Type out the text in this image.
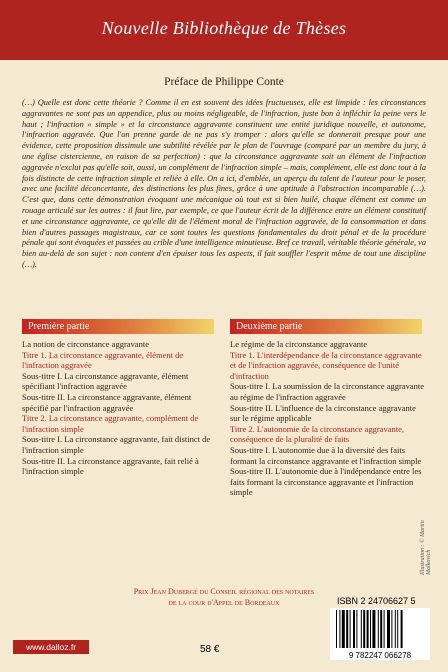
Nouvelle Bibliothèque de Thèses
Préface de Philippe Conte
(…) Quelle est donc cette théorie ? Comme il en est souvent des idées fructueuses, elle est limpide : les circonstances aggravantes ne sont pas un appendice, plus ou moins négligeable, de l'infraction, juste bon à infléchir la peine vers le haut ; l'infraction « simple » et la circonstance aggravante constituent une entité juridique nouvelle, et autonome, l'infraction aggravée. Que l'on prenne garde de ne pas s'y tromper : alors qu'elle se donnerait presque pour une évidence, cette proposition dissimule une subtilité révélée par le plan de l'ouvrage (comparé par un membre du jury, à une église cistercienne, en raison de sa perfection) : que la circonstance aggravante soit un élément de l'infraction aggravée n'exclut pas qu'elle soit, aussi, un complément de l'infraction simple – mais, complément, elle est donc tout à la fois distincte de cette infraction simple et reliée à elle. On a ici, d'emblée, un aperçu du talent de l'auteur pour le poser, avec une facilité déconcertante, des distinctions les plus fines, grâce à une aptitude à l'abstraction incomparable (…). C'est que, dans cette démonstration évoquant une mécanique où tout est si bien huilé, chaque élément est comme un rouage articulé sur les autres : il faut lire, par exemple, ce que l'auteur écrit de la différence entre un élément constitutif et une circonstance aggravante, ce qu'elle dit de l'élément moral de l'infraction aggravée, de la consommation et dans bien d'autres passages magistraux, car ce sont toutes les questions fondamentales du droit pénal et de la procédure pénale qui sont évoquées et passées au crible d'une intelligence minutieuse. Bref ce travail, véritable théorie générale, va bien au-delà de son sujet : non content d'en épuiser tous les aspects, il fait souffler l'esprit même de tout une discipline (…).
Première partie
La notion de circonstance aggravante
Titre 1. La circonstance aggravante, élément de l'infraction aggravée
Sous-titre I. La circonstance aggravante, élément spécifiant l'infraction aggravée
Sous-titre II. La circonstance aggravante, élément spécifié par l'infraction aggravée
Titre 2. La circonstance aggravante, complément de l'infraction simple
Sous-titre I. La circonstance aggravante, fait distinct de l'infraction simple
Sous-titre II. La circonstance aggravante, fait relié à l'infraction simple
Deuxième partie
Le régime de la circonstance aggravante
Titre 1. L'interdépendance de la circonstance aggravante et de l'infraction aggravée, conséquence de l'unité d'infraction
Sous-titre I. La soumission de la circonstance aggravante au régime de l'infraction aggravée
Sous-titre II. L'influence de la circonstance aggravante sur le régime applicable
Titre 2. L'autonomie de la circonstance aggravante, conséquence de la pluralité de faits
Sous-titre I. L'autonomie due à la diversité des faits formant la circonstance aggravante et l'infraction simple
Sous-titre II. L'autonomie due à l'indépendance entre les faits formant la circonstance aggravante et l'infraction simple
Prix Jean Dubergé du Conseil régional des notaires
de la cour d'Appel de Bordeaux
Illustration : © Martin Malkovich
ISBN 2 24706627 5
9 782247 066278
www.dalloz.fr	58 €
